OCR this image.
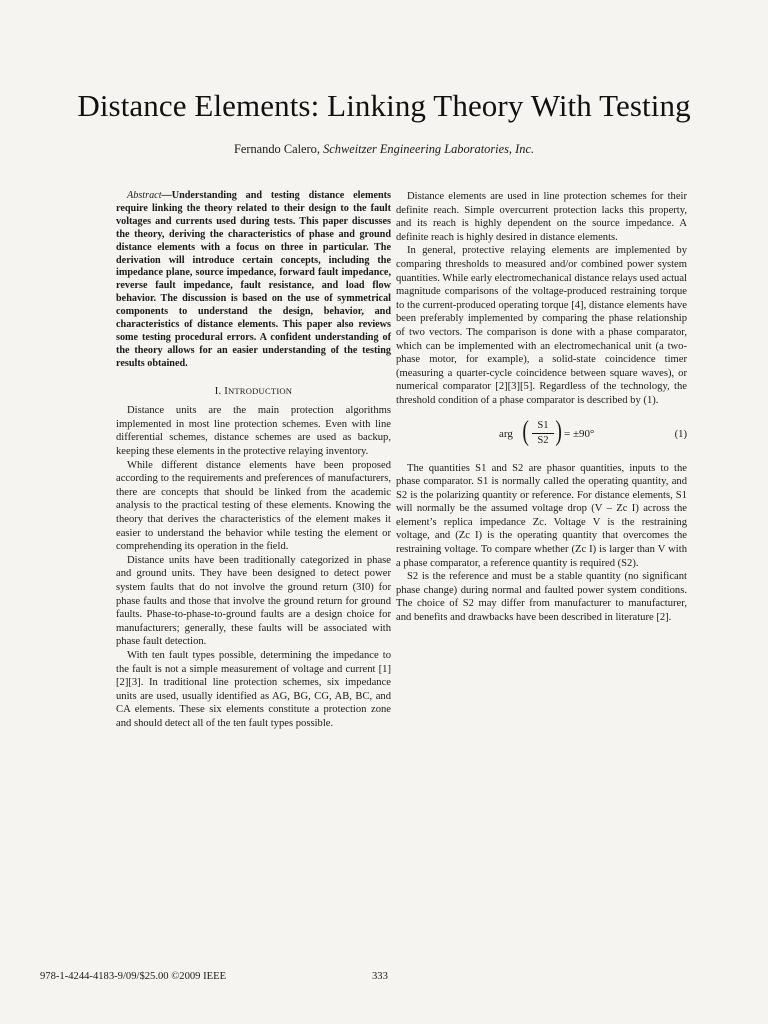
Distance Elements: Linking Theory With Testing
Fernando Calero, Schweitzer Engineering Laboratories, Inc.

Abstract—Understanding and testing distance elements require linking the theory related to their design to the fault voltages and currents used during tests. This paper discusses the theory, deriving the characteristics of phase and ground distance elements with a focus on three in particular. The derivation will introduce certain concepts, including the impedance plane, source impedance, forward fault impedance, reverse fault impedance, fault resistance, and load flow behavior. The discussion is based on the use of symmetrical components to understand the design, behavior, and characteristics of distance elements. This paper also reviews some testing procedural errors. A confident understanding of the theory allows for an easier understanding of the testing results obtained.

I. INTRODUCTION

Distance units are the main protection algorithms implemented in most line protection schemes. Even with line differential schemes, distance schemes are used as backup, keeping these elements in the protective relaying inventory.

While different distance elements have been proposed according to the requirements and preferences of manufacturers, there are concepts that should be linked from the academic analysis to the practical testing of these elements. Knowing the theory that derives the characteristics of the element makes it easier to understand the behavior while testing the element or comprehending its operation in the field.

Distance units have been traditionally categorized in phase and ground units. They have been designed to detect power system faults that do not involve the ground return (3I0) for phase faults and those that involve the ground return for ground faults. Phase-to-phase-to-ground faults are a design choice for manufacturers; generally, these faults will be associated with phase fault detection.

With ten fault types possible, determining the impedance to the fault is not a simple measurement of voltage and current [1][2][3]. In traditional line protection schemes, six impedance units are used, usually identified as AG, BG, CG, AB, BC, and CA elements. These six elements constitute a protection zone and should detect all of the ten fault types possible.

Distance elements are used in line protection schemes for their definite reach. Simple overcurrent protection lacks this property, and its reach is highly dependent on the source impedance. A definite reach is highly desired in distance elements.

In general, protective relaying elements are implemented by comparing thresholds to measured and/or combined power system quantities. While early electromechanical distance relays used actual magnitude comparisons of the voltage-produced restraining torque to the current-produced operating torque [4], distance elements have been preferably implemented by comparing the phase relationship of two vectors. The comparison is done with a phase comparator, which can be implemented with an electromechanical unit (a two-phase motor, for example), a solid-state coincidence timer (measuring a quarter-cycle coincidence between square waves), or numerical comparator [2][3][5]. Regardless of the technology, the threshold condition of a phase comparator is described by (1).

arg ( S1
S2 ) = ±90°	(1)

The quantities S1 and S2 are phasor quantities, inputs to the phase comparator. S1 is normally called the operating quantity, and S2 is the polarizing quantity or reference. For distance elements, S1 will normally be the assumed voltage drop (V – Zc I) across the element’s replica impedance Zc. Voltage V is the restraining voltage, and (Zc I) is the operating quantity that overcomes the restraining voltage. To compare whether (Zc I) is larger than V with a phase comparator, a reference quantity is required (S2).

S2 is the reference and must be a stable quantity (no significant phase change) during normal and faulted power system conditions. The choice of S2 may differ from manufacturer to manufacturer, and benefits and drawbacks have been described in literature [2].

978-1-4244-4183-9/09/$25.00 ©2009 IEEE	333
